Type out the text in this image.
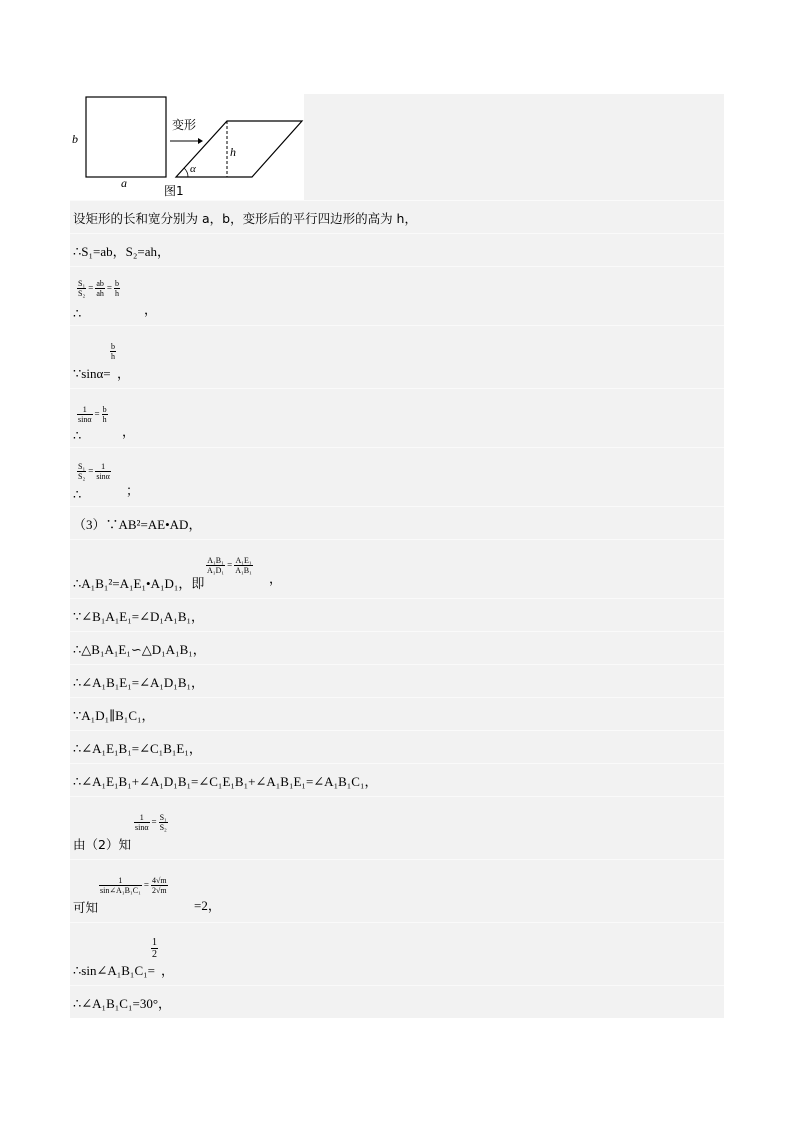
b
a
变形
h
α
图1
设矩形的长和宽分别为 a，b，变形后的平行四边形的高为 h，
∴S₁=ab，S₂=ah，
$\frac{\text{S₁}}{\text{S₂}} = \frac{ab}{ah} = \frac{b}{h}$
∴	，
$\frac{b}{h}$
∵sinα= ，
$\frac{1}{\sin\alpha} = \frac{b}{h}$
∴	，
$\frac{\text{S₁}}{\text{S₂}} = \frac{1}{\sin\alpha}$
∴	；
（3）∵AB²=AE•AD，
$\frac{\text{A₁B₁}}{\text{A₁D₁}} = \frac{\text{A₁E₁}}{\text{A₁B₁}}$
∴A₁B₁²=A₁E₁•A₁D₁，即	，
∵∠B₁A₁E₁=∠D₁A₁B₁，
∴△B₁A₁E₁∽△D₁A₁B₁，
∴∠A₁B₁E₁=∠A₁D₁B₁，
∵A₁D₁∥B₁C₁，
∴∠A₁E₁B₁=∠C₁B₁E₁，
∴∠A₁E₁B₁+∠A₁D₁B₁=∠C₁E₁B₁+∠A₁B₁E₁=∠A₁B₁C₁，
$\frac{1}{\sin\alpha} = \frac{\text{S₁}}{\text{S₂}}$
由（2）知
$\frac{1}{\text{sin∠A₁B₁C₁}} = \frac{4√m}{2√m}$
可知	=2，
$\frac{1}{2}$
∴sin∠A₁B₁C₁= ，
∴∠A₁B₁C₁=30°，
